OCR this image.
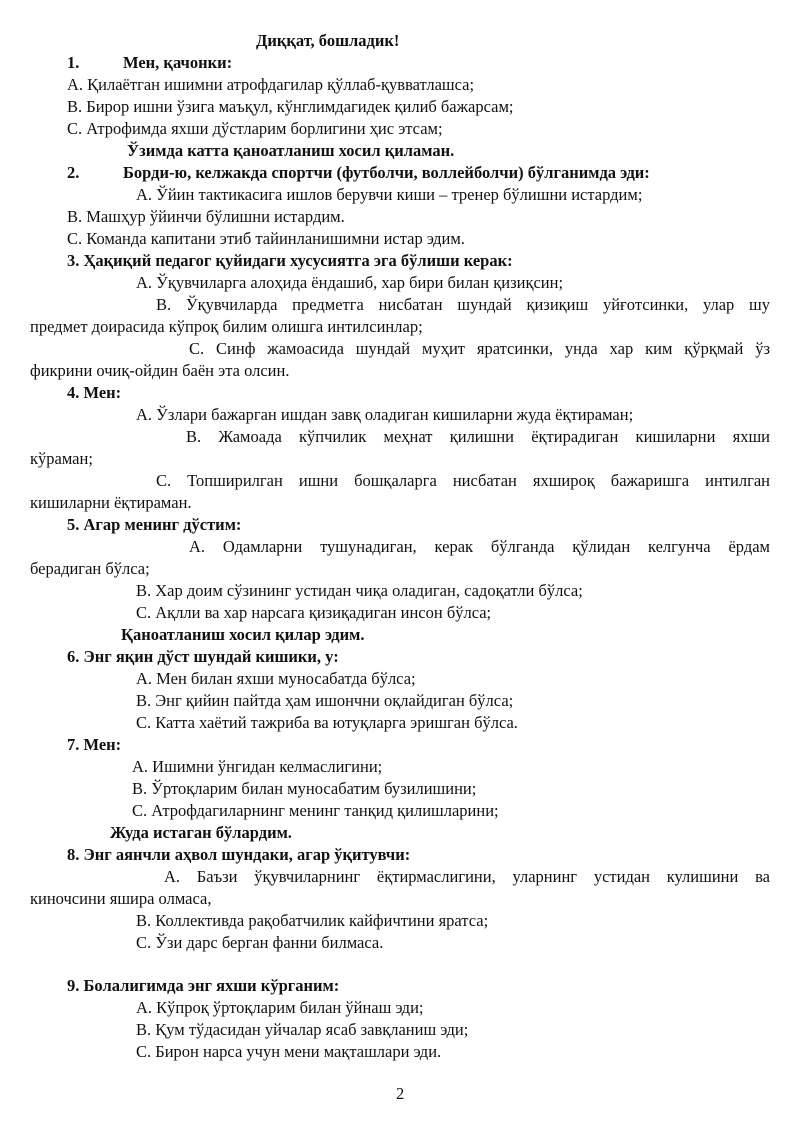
Диққат, бошладик!
1.	Мен, қачонки:
А. Қилаётган ишимни атрофдагилар қўллаб-қувватлашса;
В. Бирор ишни ўзига маъқул, кўнглимдагидек қилиб бажарсам;
С. Атрофимда яхши дўстларим борлигини ҳис этсам;
Ўзимда катта қаноатланиш хосил қиламан.
2.	Борди-ю, келжакда спортчи (футболчи, воллейболчи) бўлганимда эди:
А. Ўйин тактикасига ишлов берувчи киши – тренер бўлишни истардим;
В. Машҳур ўйинчи бўлишни истардим.
С. Команда капитани этиб тайинланишимни истар эдим.
3. Ҳақиқий педагог қуйидаги хусусиятга эга бўлиши керак:
А. Ўқувчиларга алоҳида ёндашиб, хар бири билан қизиқсин;
В. Ўқувчиларда предметга нисбатан шундай қизиқиш уйғотсинки, улар шу
предмет доирасида кўпроқ билим олишга интилсинлар;
С. Синф жамоасида шундай муҳит яратсинки, унда хар ким қўрқмай ўз
фикрини очиқ-ойдин баён эта олсин.
4. Мен:
А. Ўзлари бажарган ишдан завқ оладиган кишиларни жуда ёқтираман;
В. Жамоада кўпчилик меҳнат қилишни ёқтирадиган кишиларни яхши
кўраман;
С. Топширилган ишни бошқаларга нисбатан яхшироқ бажаришга интилган
кишиларни ёқтираман.
5. Агар менинг дўстим:
А. Одамларни тушунадиган, керак бўлганда қўлидан келгунча ёрдам
берадиган бўлса;
В. Хар доим сўзининг устидан чиқа оладиган, садоқатли бўлса;
С. Ақлли ва хар нарсага қизиқадиган инсон бўлса;
Қаноатланиш хосил қилар эдим.
6. Энг яқин дўст шундай кишики, у:
А. Мен билан яхши муносабатда бўлса;
В. Энг қийин пайтда ҳам ишончни оқлайдиган бўлса;
С. Катта хаётий тажриба ва ютуқларга эришган бўлса.
7. Мен:
А. Ишимни ўнгидан келмаслигини;
В. Ўртоқларим билан муносабатим бузилишини;
С. Атрофдагиларнинг менинг танқид қилишларини;
Жуда истаган бўлардим.
8. Энг аянчли аҳвол шундаки, агар ўқитувчи:
А. Баъзи ўқувчиларнинг ёқтирмаслигини, уларнинг устидан кулишини ва
киночсини яшира олмаса,
В. Коллективда рақобатчилик кайфичтини яратса;
С. Ўзи дарс берган фанни билмаса.
9. Болалигимда энг яхши кўрганим:
А. Кўпроқ ўртоқларим билан ўйнаш эди;
В. Қум тўдасидан уйчалар ясаб завқланиш эди;
С. Бирон нарса учун мени мақташлари эди.
2
